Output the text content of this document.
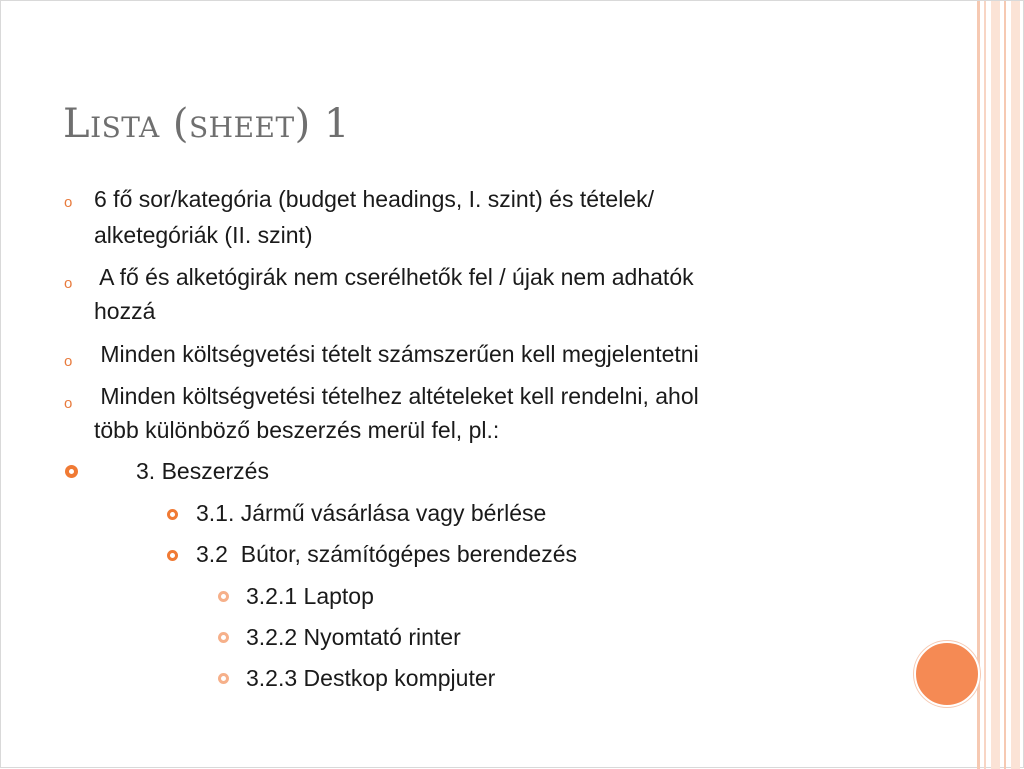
Lista (sheet) 1
o 6 fő sor/kategória (budget headings, I. szint) és tételek/
alketegóriák (II. szint)
o A fő és alketógirák nem cserélhetők fel / újak nem adhatók
hozzá
o Minden költségvetési tételt számszerűen kell megjelentetni
o Minden költségvetési tételhez altételeket kell rendelni, ahol
több különböző beszerzés merül fel, pl.:
3. Beszerzés
3.1. Jármű vásárlása vagy bérlése
3.2  Bútor, számítógépes berendezés
3.2.1 Laptop
3.2.2 Nyomtató rinter
3.2.3 Destkop kompjuter
